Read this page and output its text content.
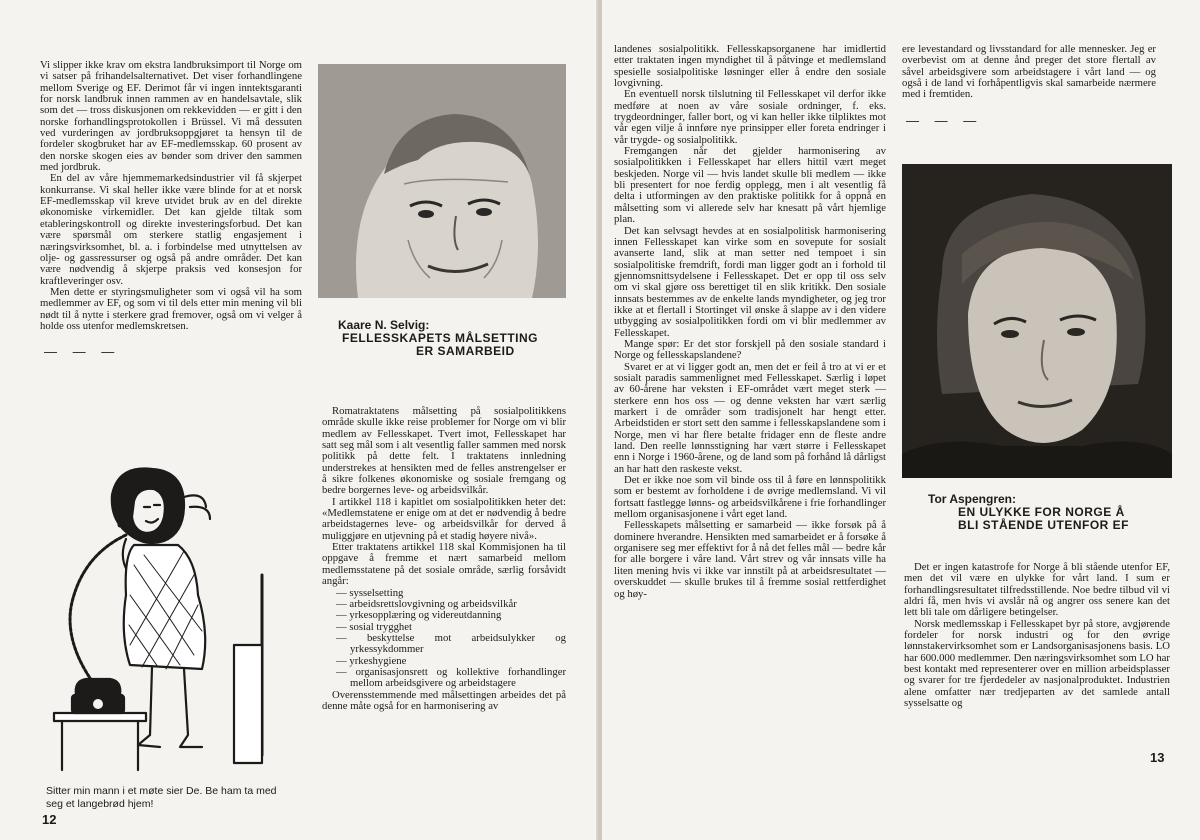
Vi slipper ikke krav om ekstra landbruksimport til Norge om vi satser på frihandelsalternativet. Det viser forhandlingene mellom Sverige og EF. Derimot får vi ingen inntektsgaranti for norsk landbruk innen rammen av en handelsavtale, slik som det — tross diskusjonen om rekkevidden — er gitt i den norske forhandlingsprotokollen i Brüssel. Vi må dessuten ved vurderingen av jordbruksoppgjøret ta hensyn til de fordeler skogbruket har av EF-medlemsskap. 60 prosent av den norske skogen eies av bønder som driver den sammen med jordbruk.

En del av våre hjemmemarkedsindustrier vil få skjerpet konkurranse. Vi skal heller ikke være blinde for at et norsk EF-medlemsskap vil kreve utvidet bruk av en del direkte økonomiske virkemidler. Det kan gjelde tiltak som etableringskontroll og direkte investeringsforbud. Det kan være spørsmål om sterkere statlig engasjement i næringsvirksomhet, bl. a. i forbindelse med utnyttelsen av olje- og gassressurser og også på andre områder. Det kan være nødvendig å skjerpe praksis ved konsesjon for kraftleveringer osv.

Men dette er styringsmuligheter som vi også vil ha som medlemmer av EF, og som vi til dels etter min mening vil bli nødt til å nytte i sterkere grad fremover, også om vi velger å holde oss utenfor medlemskretsen.

— — —
Sitter min mann i et møte sier De. Be ham ta med seg et langebrød hjem!
12
Kaare N. Selvig:
FELLESSKAPETS MÅLSETTING
ER SAMARBEID

Romatraktatens målsetting på sosialpolitikkens område skulle ikke reise problemer for Norge om vi blir medlem av Fellesskapet. Tvert imot, Fellesskapet har satt seg mål som i alt vesentlig faller sammen med norsk politikk på dette felt. I traktatens innledning understrekes at hensikten med de felles anstrengelser er å sikre folkenes økonomiske og sosiale fremgang og bedre borgernes leve- og arbeidsvilkår.

I artikkel 118 i kapitlet om sosialpolitikken heter det: «Medlemstatene er enige om at det er nødvendig å bedre arbeidstagernes leve- og arbeidsvilkår for derved å muliggjøre en utjevning på et stadig høyere nivå».

Etter traktatens artikkel 118 skal Kommisjonen ha til oppgave å fremme et nært samarbeid mellom medlemsstatene på det sosiale område, særlig forsåvidt angår:

— sysselsetting
— arbeidsrettslovgivning og arbeidsvilkår
— yrkesopplæring og videreutdanning
— sosial trygghet
— beskyttelse mot arbeidsulykker og yrkessykdommer
— yrkeshygiene
— organisasjonsrett og kollektive forhandlinger mellom arbeidsgivere og arbeidstagere

Overensstemmende med målsettingen arbeides det på denne måte også for en harmonisering av

landenes sosialpolitikk. Fellesskapsorganene har imidlertid etter traktaten ingen myndighet til å påtvinge et medlemsland spesielle sosialpolitiske løsninger eller å endre den sosiale lovgivning.

En eventuell norsk tilslutning til Fellesskapet vil derfor ikke medføre at noen av våre sosiale ordninger, f. eks. trygdeordninger, faller bort, og vi kan heller ikke tilpliktes mot vår egen vilje å innføre nye prinsipper eller foreta endringer i vår trygde- og sosialpolitikk.

Fremgangen når det gjelder harmonisering av sosialpolitikken i Fellesskapet har ellers hittil vært meget beskjeden. Norge vil — hvis landet skulle bli medlem — ikke bli presentert for noe ferdig opplegg, men i alt vesentlig få delta i utformingen av den praktiske politikk for å oppnå en målsetting som vi allerede selv har knesatt på vårt hjemlige plan.

Det kan selvsagt hevdes at en sosialpolitisk harmonisering innen Fellesskapet kan virke som en sovepute for sosialt avanserte land, slik at man setter ned tempoet i sin sosialpolitiske fremdrift, fordi man ligger godt an i forhold til gjennomsnittsydelsene i Fellesskapet. Det er opp til oss selv om vi skal gjøre oss berettiget til en slik kritikk. Den sosiale innsats bestemmes av de enkelte lands myndigheter, og jeg tror ikke at et flertall i Stortinget vil ønske å slappe av i den videre utbygging av sosialpolitikken fordi om vi blir medlemmer av Fellesskapet.

Mange spør: Er det stor forskjell på den sosiale standard i Norge og fellesskapslandene?

Svaret er at vi ligger godt an, men det er feil å tro at vi er et sosialt paradis sammenlignet med Fellesskapet. Særlig i løpet av 60-årene har veksten i EF-området vært meget sterk — sterkere enn hos oss — og denne veksten har vært særlig markert i de områder som tradisjonelt har hengt etter. Arbeidstiden er stort sett den samme i fellesskapslandene som i Norge, men vi har flere betalte fridager enn de fleste andre land. Den reelle lønnsstigning har vært større i Fellesskapet enn i Norge i 1960-årene, og de land som på forhånd lå dårligst an har hatt den raskeste vekst.

Det er ikke noe som vil binde oss til å føre en lønnspolitikk som er bestemt av forholdene i de øvrige medlemsland. Vi vil fortsatt fastlegge lønns- og arbeidsvilkårene i frie forhandlinger mellom organisasjonene i vårt eget land.

Fellesskapets målsetting er samarbeid — ikke forsøk på å dominere hverandre. Hensikten med samarbeidet er å forsøke å organisere seg mer effektivt for å nå det felles mål — bedre kår for alle borgere i våre land. Vårt strev og vår innsats ville ha liten mening hvis vi ikke var innstilt på at arbeidsresultatet — overskuddet — skulle brukes til å fremme sosial rettferdighet og høy-

ere levestandard og livsstandard for alle mennesker. Jeg er overbevist om at denne ånd preger det store flertall av såvel arbeidsgivere som arbeidstagere i vårt land — og også i de land vi forhåpentligvis skal samarbeide nærmere med i fremtiden.

— — —
Tor Aspengren:
EN ULYKKE FOR NORGE Å
BLI STÅENDE UTENFOR EF

Det er ingen katastrofe for Norge å bli stående utenfor EF, men det vil være en ulykke for vårt land. I sum er forhandlingsresultatet tilfredsstillende. Noe bedre tilbud vil vi aldri få, men hvis vi avslår nå og angrer oss senere kan det lett bli tale om dårligere betingelser.

Norsk medlemsskap i Fellesskapet byr på store, avgjørende fordeler for norsk industri og for den øvrige lønnstakervirksomhet som er Landsorganisasjonens basis. LO har 600.000 medlemmer. Den næringsvirksomhet som LO har best kontakt med representerer over en million arbeidsplasser og svarer for tre fjerdedeler av nasjonalproduktet. Industrien alene omfatter nær tredjeparten av det samlede antall sysselsatte og

13
